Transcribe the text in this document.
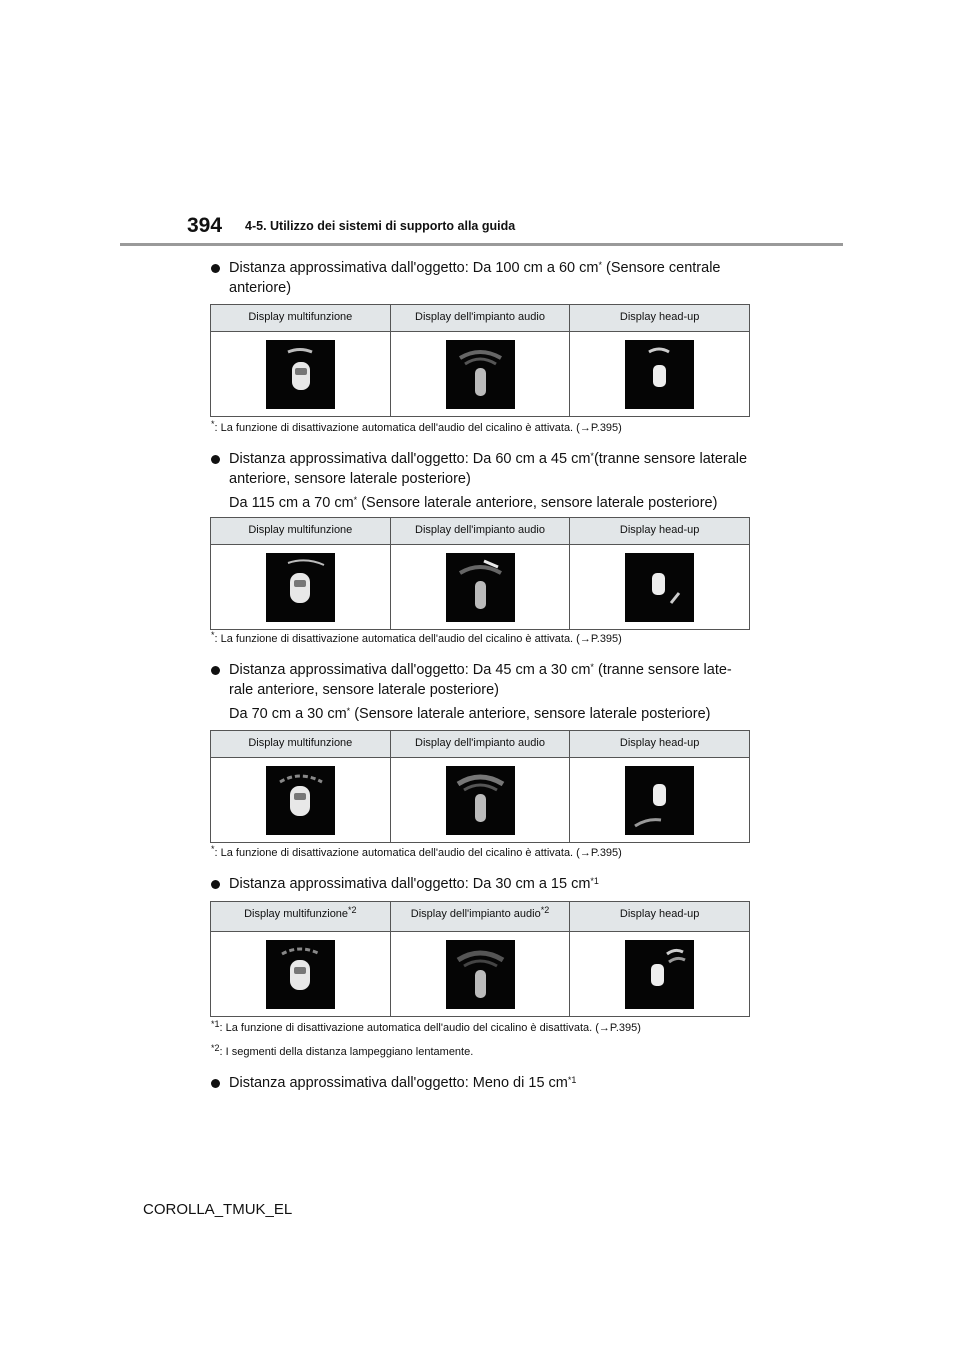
394 4-5. Utilizzo dei sistemi di supporto alla guida
Distanza approssimativa dall'oggetto: Da 100 cm a 60 cm* (Sensore centrale
anteriore)
Display multifunzione	Display dell'impianto audio	Display head-up
*: La funzione di disattivazione automatica dell'audio del cicalino è attivata. (→P.395)
Distanza approssimativa dall'oggetto: Da 60 cm a 45 cm*(tranne sensore laterale
anteriore, sensore laterale posteriore)
Da 115 cm a 70 cm* (Sensore laterale anteriore, sensore laterale posteriore)
Display multifunzione	Display dell'impianto audio	Display head-up
*: La funzione di disattivazione automatica dell'audio del cicalino è attivata. (→P.395)
Distanza approssimativa dall'oggetto: Da 45 cm a 30 cm* (tranne sensore late-
rale anteriore, sensore laterale posteriore)
Da 70 cm a 30 cm* (Sensore laterale anteriore, sensore laterale posteriore)
Display multifunzione	Display dell'impianto audio	Display head-up
*: La funzione di disattivazione automatica dell'audio del cicalino è attivata. (→P.395)
Distanza approssimativa dall'oggetto: Da 30 cm a 15 $cm^{*1}$
Display multifunzione$^{*2}$	Display dell'impianto audio$^{*2}$	Display head-up
$^{*1}$: La funzione di disattivazione automatica dell'audio del cicalino è disattivata. (→P.395)
$^{*2}$: I segmenti della distanza lampeggiano lentamente.
Distanza approssimativa dall'oggetto: Meno di 15 $cm^{*1}$
COROLLA_TMUK_EL
